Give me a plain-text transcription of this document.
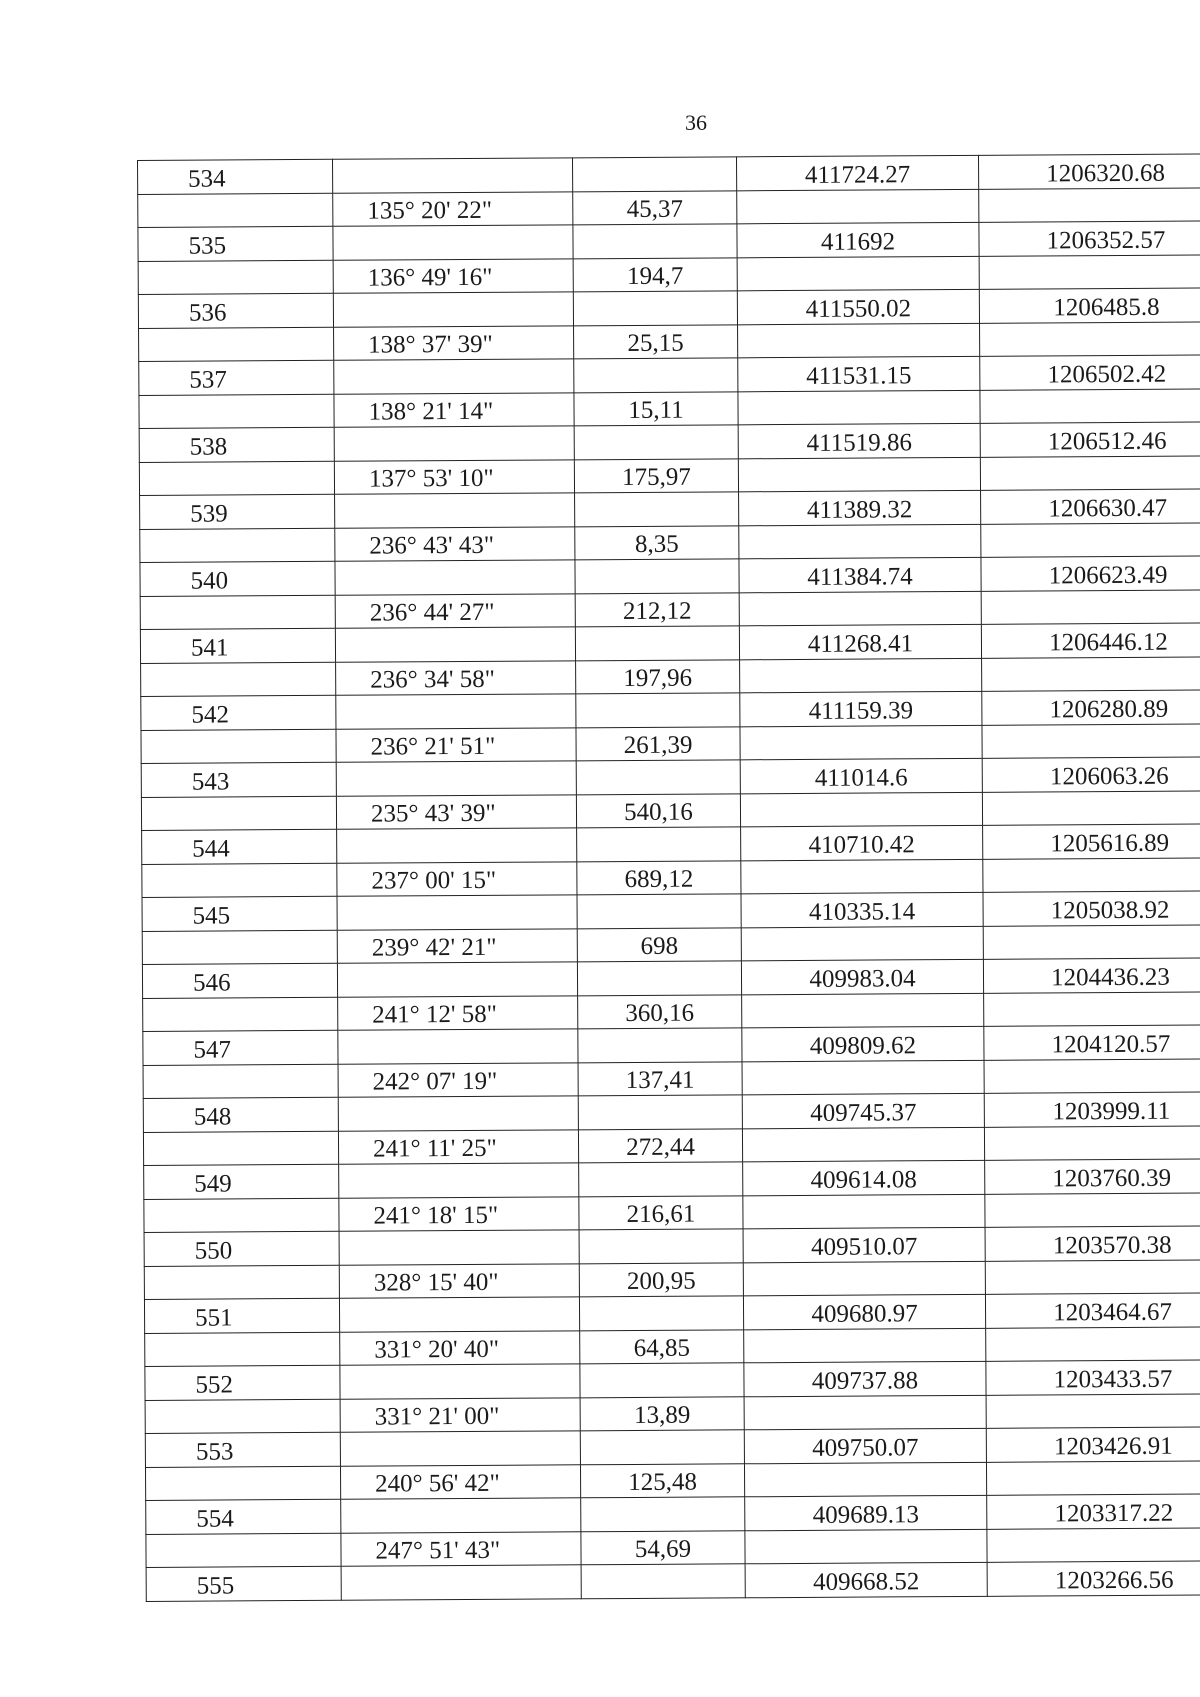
36
534			411724.27	1206320.68
	135° 20' 22"	45,37		
535			411692	1206352.57
	136° 49' 16"	194,7		
536			411550.02	1206485.8
	138° 37' 39"	25,15		
537			411531.15	1206502.42
	138° 21' 14"	15,11		
538			411519.86	1206512.46
	137° 53' 10"	175,97		
539			411389.32	1206630.47
	236° 43' 43"	8,35		
540			411384.74	1206623.49
	236° 44' 27"	212,12		
541			411268.41	1206446.12
	236° 34' 58"	197,96		
542			411159.39	1206280.89
	236° 21' 51"	261,39		
543			411014.6	1206063.26
	235° 43' 39"	540,16		
544			410710.42	1205616.89
	237° 00' 15"	689,12		
545			410335.14	1205038.92
	239° 42' 21"	698		
546			409983.04	1204436.23
	241° 12' 58"	360,16		
547			409809.62	1204120.57
	242° 07' 19"	137,41		
548			409745.37	1203999.11
	241° 11' 25"	272,44		
549			409614.08	1203760.39
	241° 18' 15"	216,61		
550			409510.07	1203570.38
	328° 15' 40"	200,95		
551			409680.97	1203464.67
	331° 20' 40"	64,85		
552			409737.88	1203433.57
	331° 21' 00"	13,89		
553			409750.07	1203426.91
	240° 56' 42"	125,48		
554			409689.13	1203317.22
	247° 51' 43"	54,69		
555			409668.52	1203266.56
